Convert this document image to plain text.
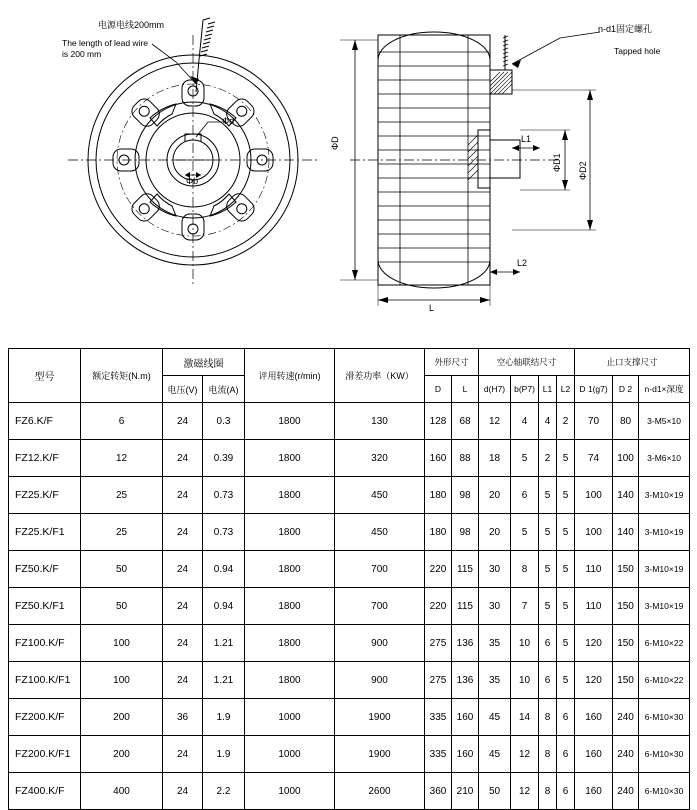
电源电线200mm
The length of lead wire
is 200 mm
Φd
Φb
n-d1固定螺孔
Tapped hole
ΦD
L
L1
L2
ΦD1 ΦD2
型号	额定转矩(N.m)	激磁线圈		评用转速(r/min)	滑差功率（KW）	外形尺寸		空心轴联结尺寸				止口支撑尺寸		
		电压(V)	电流(A)			D	L	d(H7)	b(P7)	L1	L2	D 1(g7)	D 2	n-d1×深度

FZ6.K/F	6	24	0.3	1800	130	128	68	12	4	4	2	70	80	3-M5×10
FZ12.K/F	12	24	0.39	1800	320	160	88	18	5	2	5	74	100	3-M6×10
FZ25.K/F	25	24	0.73	1800	450	180	98	20	6	5	5	100	140	3-M10×19
FZ25.K/F1	25	24	0.73	1800	450	180	98	20	5	5	5	100	140	3-M10×19
FZ50.K/F	50	24	0.94	1800	700	220	115	30	8	5	5	110	150	3-M10×19
FZ50.K/F1	50	24	0.94	1800	700	220	115	30	7	5	5	110	150	3-M10×19
FZ100.K/F	100	24	1.21	1800	900	275	136	35	10	6	5	120	150	6-M10×22
FZ100.K/F1	100	24	1.21	1800	900	275	136	35	10	6	5	120	150	6-M10×22
FZ200.K/F	200	36	1.9	1000	1900	335	160	45	14	8	6	160	240	6-M10×30
FZ200.K/F1	200	24	1.9	1000	1900	335	160	45	12	8	6	160	240	6-M10×30
FZ400.K/F	400	24	2.2	1000	2600	360	210	50	12	8	6	160	240	6-M10×30
